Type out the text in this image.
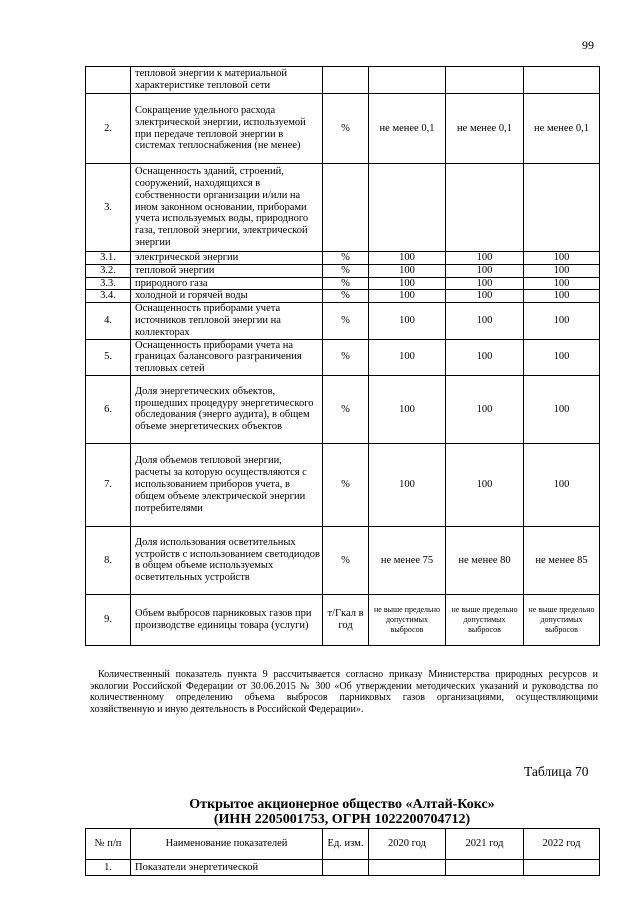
99
	тепловой энергии к материальной характеристике тепловой сети				
2.	Сокращение удельного расхода электрической энергии, используемой при передаче тепловой энергии в системах теплоснабжения (не менее)	%	не менее 0,1	не менее 0,1	не менее 0,1
3.	Оснащенность зданий, строений, сооружений, находящихся в собственности организации и/или на ином законном основании, приборами учета используемых воды, природного газа, тепловой энергии, электрической энергии				
3.1.	электрической энергии	%	100	100	100
3.2.	тепловой энергии	%	100	100	100
3.3.	природного газа	%	100	100	100
3.4.	холодной и горячей воды	%	100	100	100
4.	Оснащенность приборами учета источников тепловой энергии на коллекторах	%	100	100	100
5.	Оснащенность приборами учета на границах балансового разграничения тепловых сетей	%	100	100	100
6.	Доля энергетических объектов, прошедших процедуру энергетического обследования (энерго аудита), в общем объеме энергетических объектов	%	100	100	100
7.	Доля объемов тепловой энергии, расчеты за которую осуществляются с использованием приборов учета, в общем объеме электрической энергии потребителями	%	100	100	100
8.	Доля использования осветительных устройств с использованием светодиодов в общем объеме используемых осветительных устройств	%	не менее 75	не менее 80	не менее 85
9.	Объем выбросов парниковых газов при производстве единицы товара (услуги)	т/Гкал в год	не выше предельно допустимых выбросов	не выше предельно допустимых выбросов	не выше предельно допустимых выбросов
Количественный показатель пункта 9 рассчитывается согласно приказу Министерства природных ресурсов и экологии Российской Федерации от 30.06.2015 № 300 «Об утверждении методических указаний и руководства по количественному определению объема выбросов парниковых газов организациями, осуществляющими хозяйственную и иную деятельность в Российской Федерации».
Таблица 70
Открытое акционерное общество «Алтай-Кокс»
(ИНН 2205001753, ОГРН 1022200704712)
№ п/п	Наименование показателей	Ед. изм.	2020 год	2021 год	2022 год
1.	Показатели энергетической				
